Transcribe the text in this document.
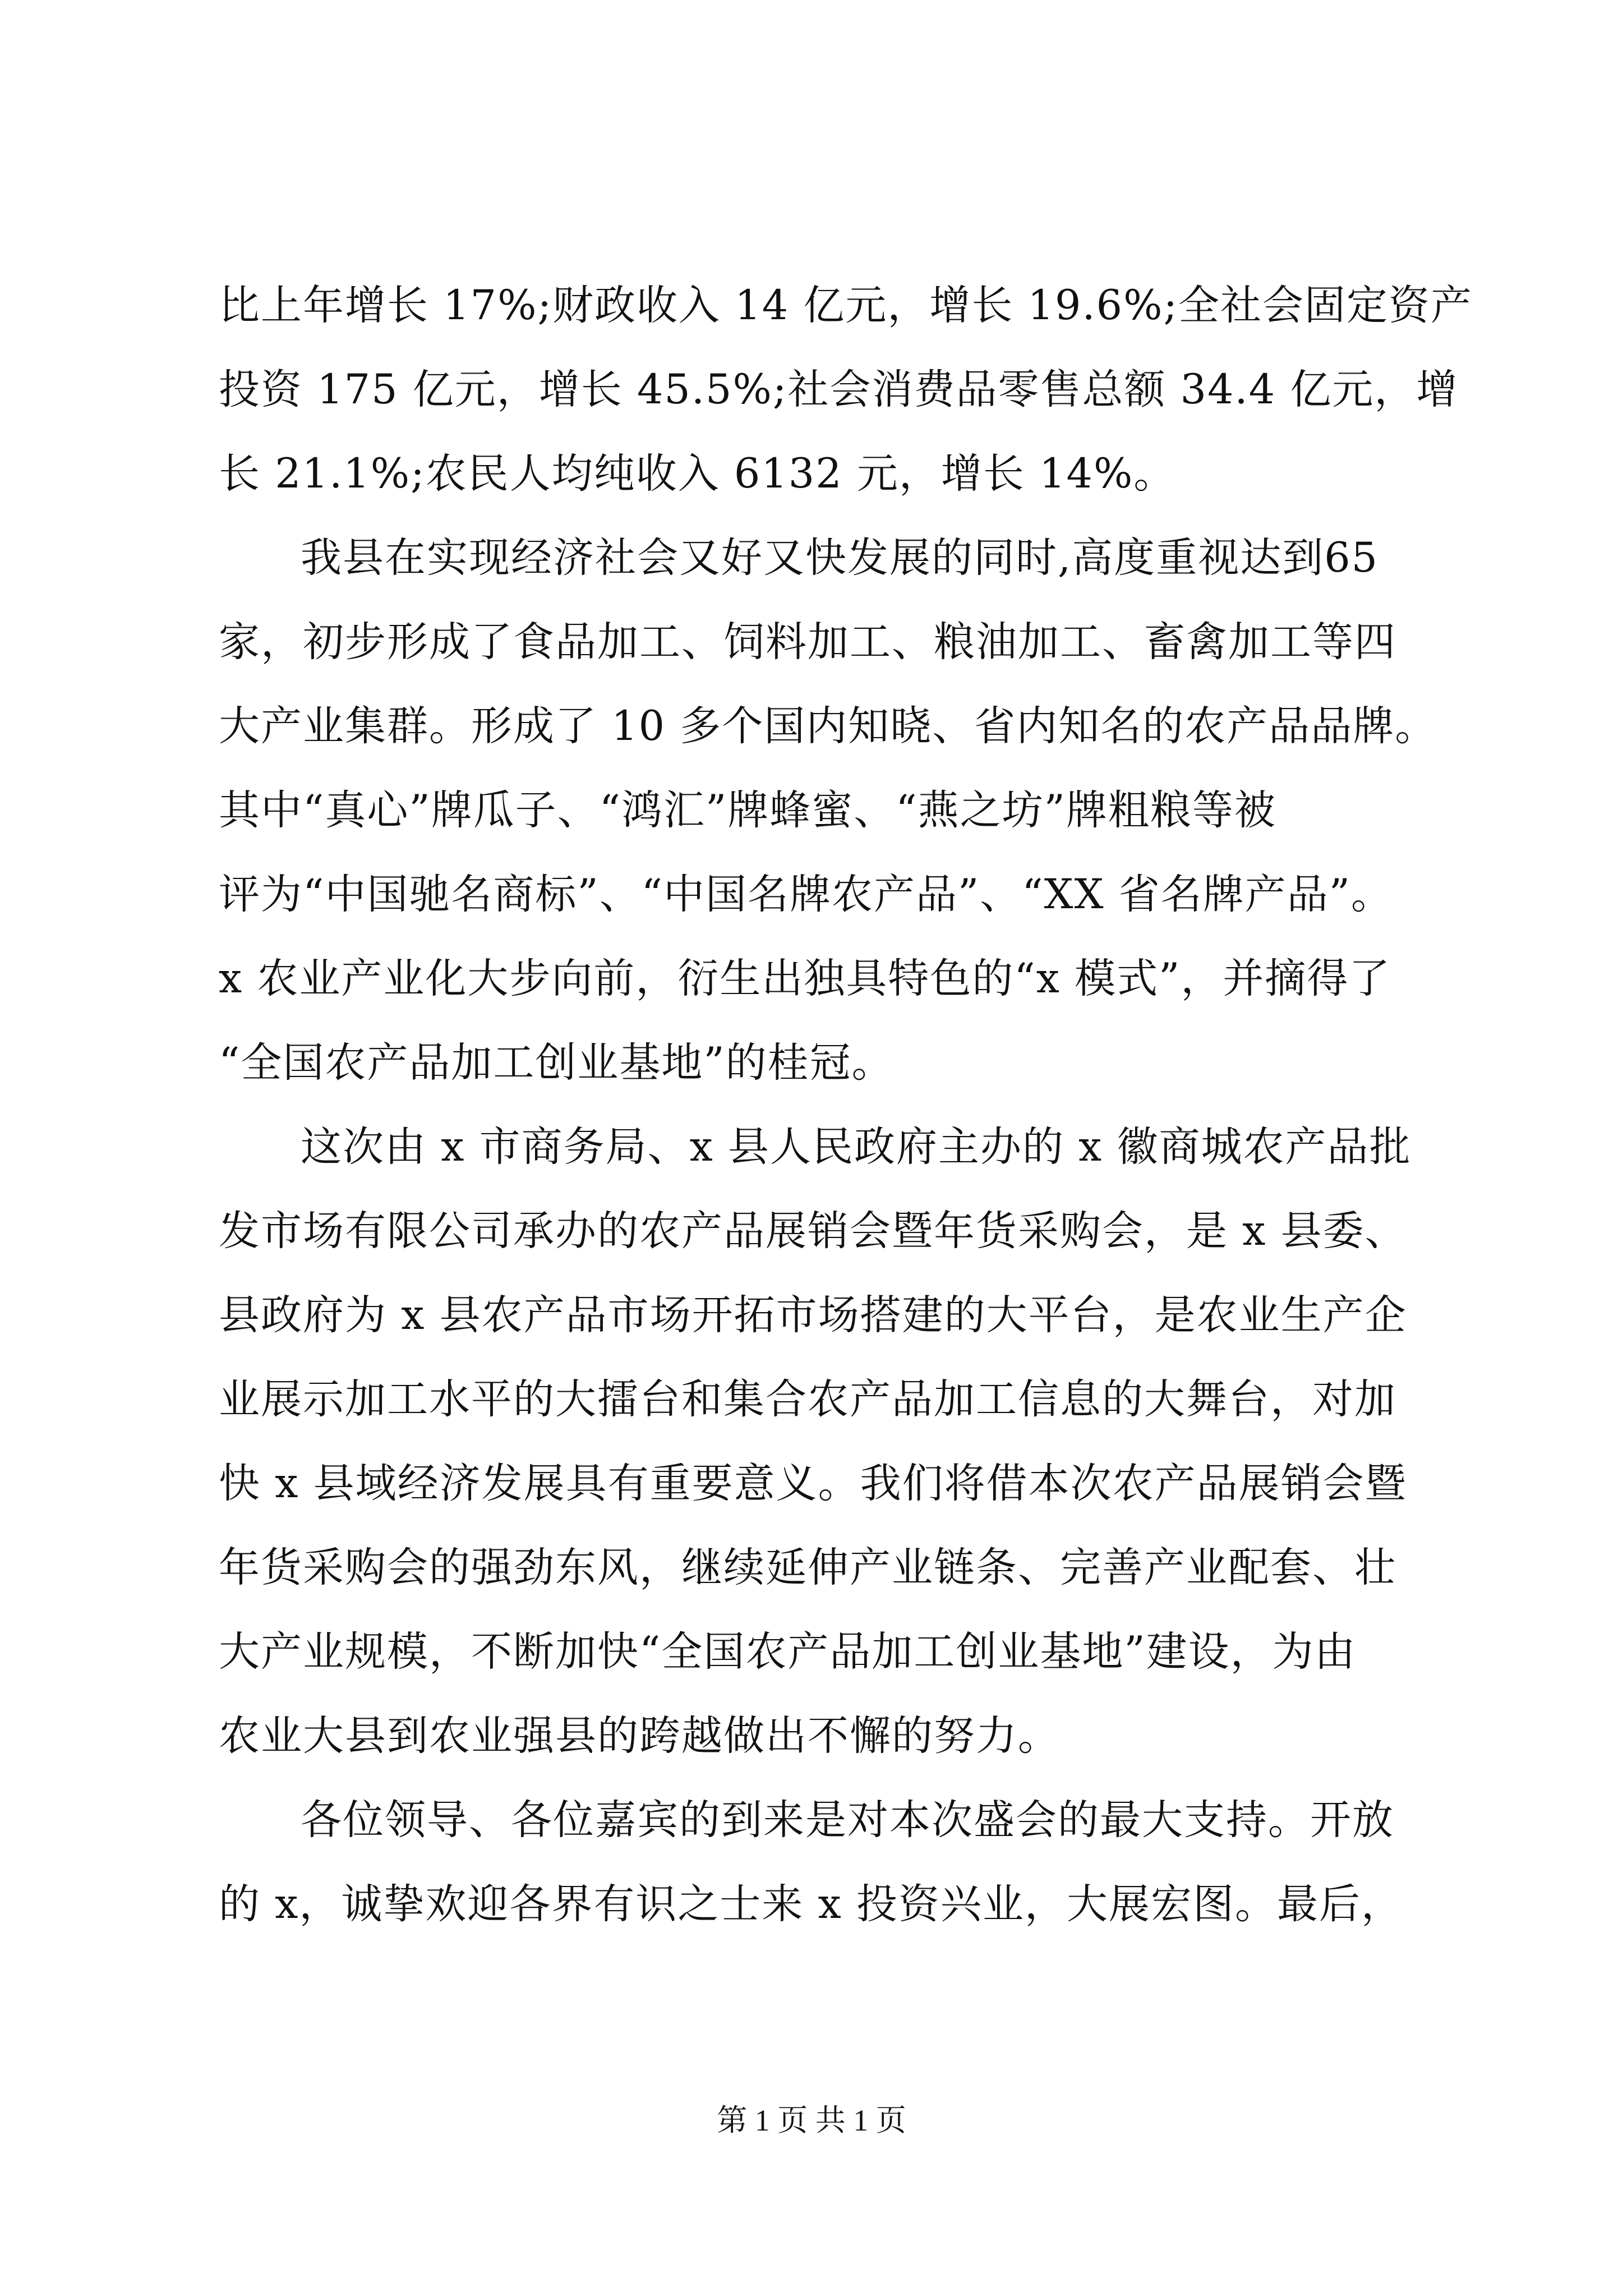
比上年增长 17%;财政收入 14 亿元，增长 19.6%;全社会固定资产
投资 175 亿元，增长 45.5%;社会消费品零售总额 34.4 亿元，增
长 21.1%;农民人均纯收入 6132 元，增长 14%。
我县在实现经济社会又好又快发展的同时,高度重视达到65
家，初步形成了食品加工、饲料加工、粮油加工、畜禽加工等四
大产业集群。形成了 10 多个国内知晓、省内知名的农产品品牌。
其中“真心”牌瓜子、“鸿汇”牌蜂蜜、“燕之坊”牌粗粮等被
评为“中国驰名商标”、“中国名牌农产品”、“XX 省名牌产品”。
x 农业产业化大步向前，衍生出独具特色的“x 模式”，并摘得了
“全国农产品加工创业基地”的桂冠。
这次由 x 市商务局、x 县人民政府主办的 x 徽商城农产品批
发市场有限公司承办的农产品展销会暨年货采购会，是 x 县委、
县政府为 x 县农产品市场开拓市场搭建的大平台，是农业生产企
业展示加工水平的大擂台和集合农产品加工信息的大舞台，对加
快 x 县域经济发展具有重要意义。我们将借本次农产品展销会暨
年货采购会的强劲东风，继续延伸产业链条、完善产业配套、壮
大产业规模，不断加快“全国农产品加工创业基地”建设，为由
农业大县到农业强县的跨越做出不懈的努力。
各位领导、各位嘉宾的到来是对本次盛会的最大支持。开放
的 x，诚挚欢迎各界有识之士来 x 投资兴业，大展宏图。最后，
第 1 页 共 1 页
